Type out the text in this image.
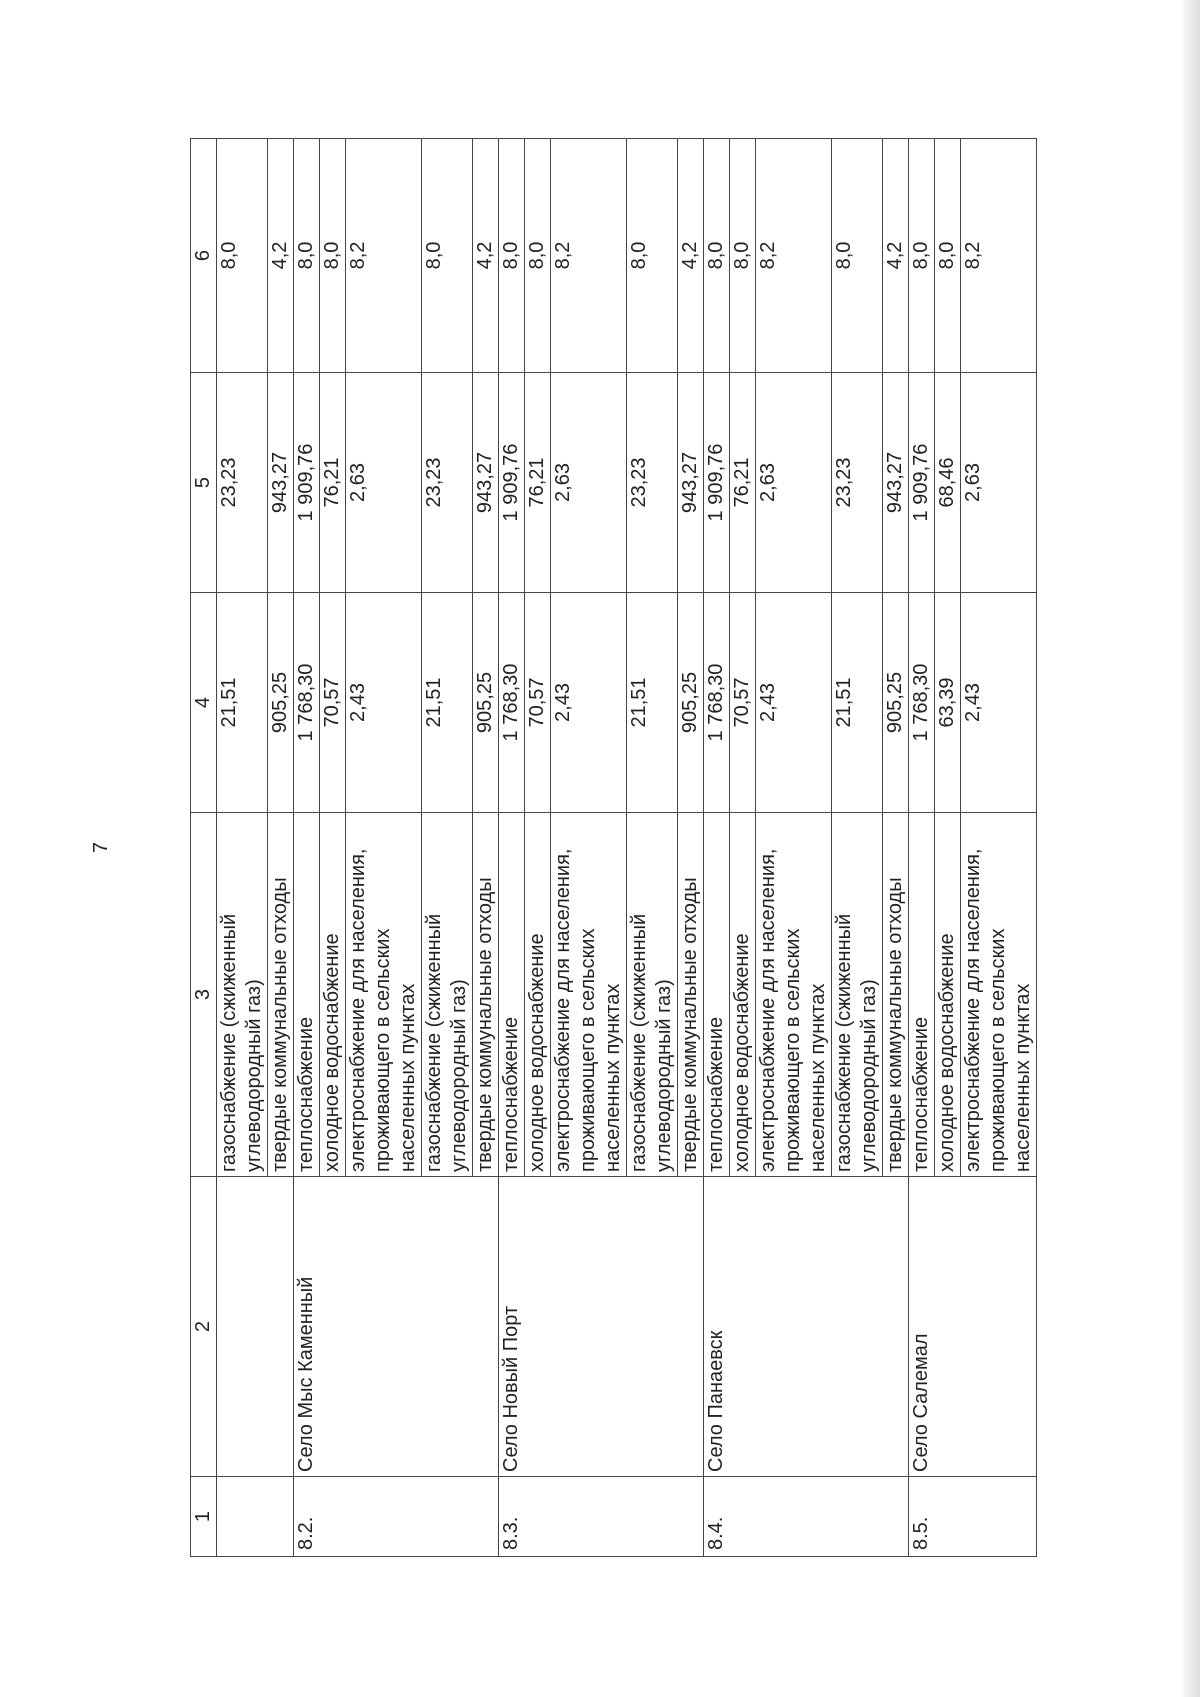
7
1	2	3	4	5	6
		газоснабжение (сжиженный углеводородный газ)	21,51	23,23	8,0
		твердые коммунальные отходы	905,25	943,27	4,2
8.2.	Село Мыс Каменный	теплоснабжение	1 768,30	1 909,76	8,0
		холодное водоснабжение	70,57	76,21	8,0
		электроснабжение для населения, проживающего в сельских населенных пунктах	2,43	2,63	8,2
		газоснабжение (сжиженный углеводородный газ)	21,51	23,23	8,0
		твердые коммунальные отходы	905,25	943,27	4,2
8.3.	Село Новый Порт	теплоснабжение	1 768,30	1 909,76	8,0
		холодное водоснабжение	70,57	76,21	8,0
		электроснабжение для населения, проживающего в сельских населенных пунктах	2,43	2,63	8,2
		газоснабжение (сжиженный углеводородный газ)	21,51	23,23	8,0
		твердые коммунальные отходы	905,25	943,27	4,2
8.4.	Село Панаевск	теплоснабжение	1 768,30	1 909,76	8,0
		холодное водоснабжение	70,57	76,21	8,0
		электроснабжение для населения, проживающего в сельских населенных пунктах	2,43	2,63	8,2
		газоснабжение (сжиженный углеводородный газ)	21,51	23,23	8,0
		твердые коммунальные отходы	905,25	943,27	4,2
8.5.	Село Салемал	теплоснабжение	1 768,30	1 909,76	8,0
		холодное водоснабжение	63,39	68,46	8,0
		электроснабжение для населения, проживающего в сельских населенных пунктах	2,43	2,63	8,2
